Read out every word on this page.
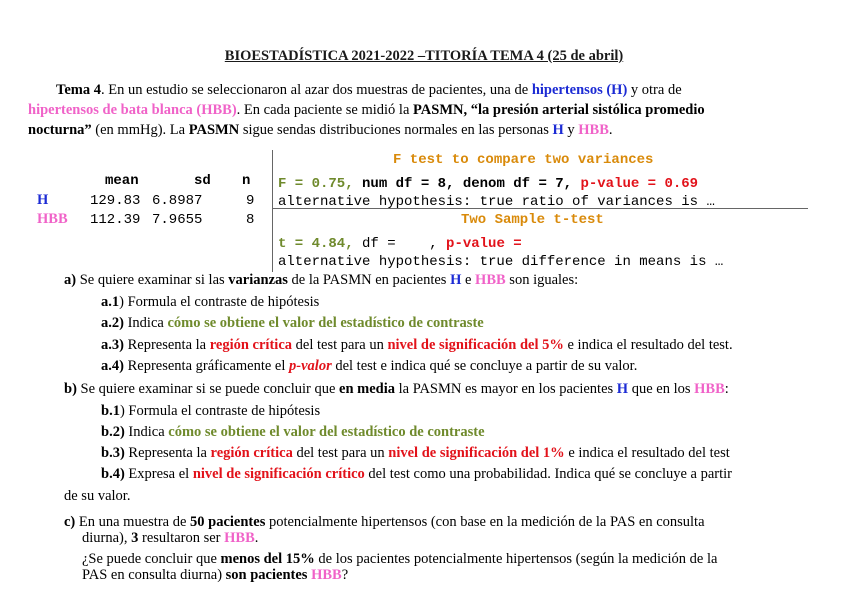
BIOESTADÍSTICA 2021-2022 –TITORÍA TEMA 4 (25 de abril)
Tema 4. En un estudio se seleccionaron al azar dos muestras de pacientes, una de hipertensos (H) y otra de
hipertensos de bata blanca (HBB). En cada paciente se midió la PASMN, “la presión arterial sistólica promedio
nocturna” (en mmHg). La PASMN sigue sendas distribuciones normales en las personas H y HBB.
mean	sd n
H	129.83 6.8987	9
HBB 112.39 7.9655	8
F test to compare two variances
F = 0.75, num df = 8, denom df = 7, p-value = 0.69
alternative hypothesis: true ratio of variances is …
Two Sample t-test
t = 4.84, df =    , p-value =
alternative hypothesis: true difference in means is …
a) Se quiere examinar si las varianzas de la PASMN en pacientes H e HBB son iguales:
a.1) Formula el contraste de hipótesis
a.2) Indica cómo se obtiene el valor del estadístico de contraste
a.3) Representa la región crítica del test para un nivel de significación del 5% e indica el resultado del test.
a.4) Representa gráficamente el p-valor del test e indica qué se concluye a partir de su valor.
b) Se quiere examinar si se puede concluir que en media la PASMN es mayor en los pacientes H que en los HBB:
b.1) Formula el contraste de hipótesis
b.2) Indica cómo se obtiene el valor del estadístico de contraste
b.3) Representa la región crítica del test para un nivel de significación del 1% e indica el resultado del test
b.4) Expresa el nivel de significación crítico del test como una probabilidad. Indica qué se concluye a partir
de su valor.
c) En una muestra de 50 pacientes potencialmente hipertensos (con base en la medición de la PAS en consulta
diurna), 3 resultaron ser HBB.
¿Se puede concluir que menos del 15% de los pacientes potencialmente hipertensos (según la medición de la
PAS en consulta diurna) son pacientes HBB?
